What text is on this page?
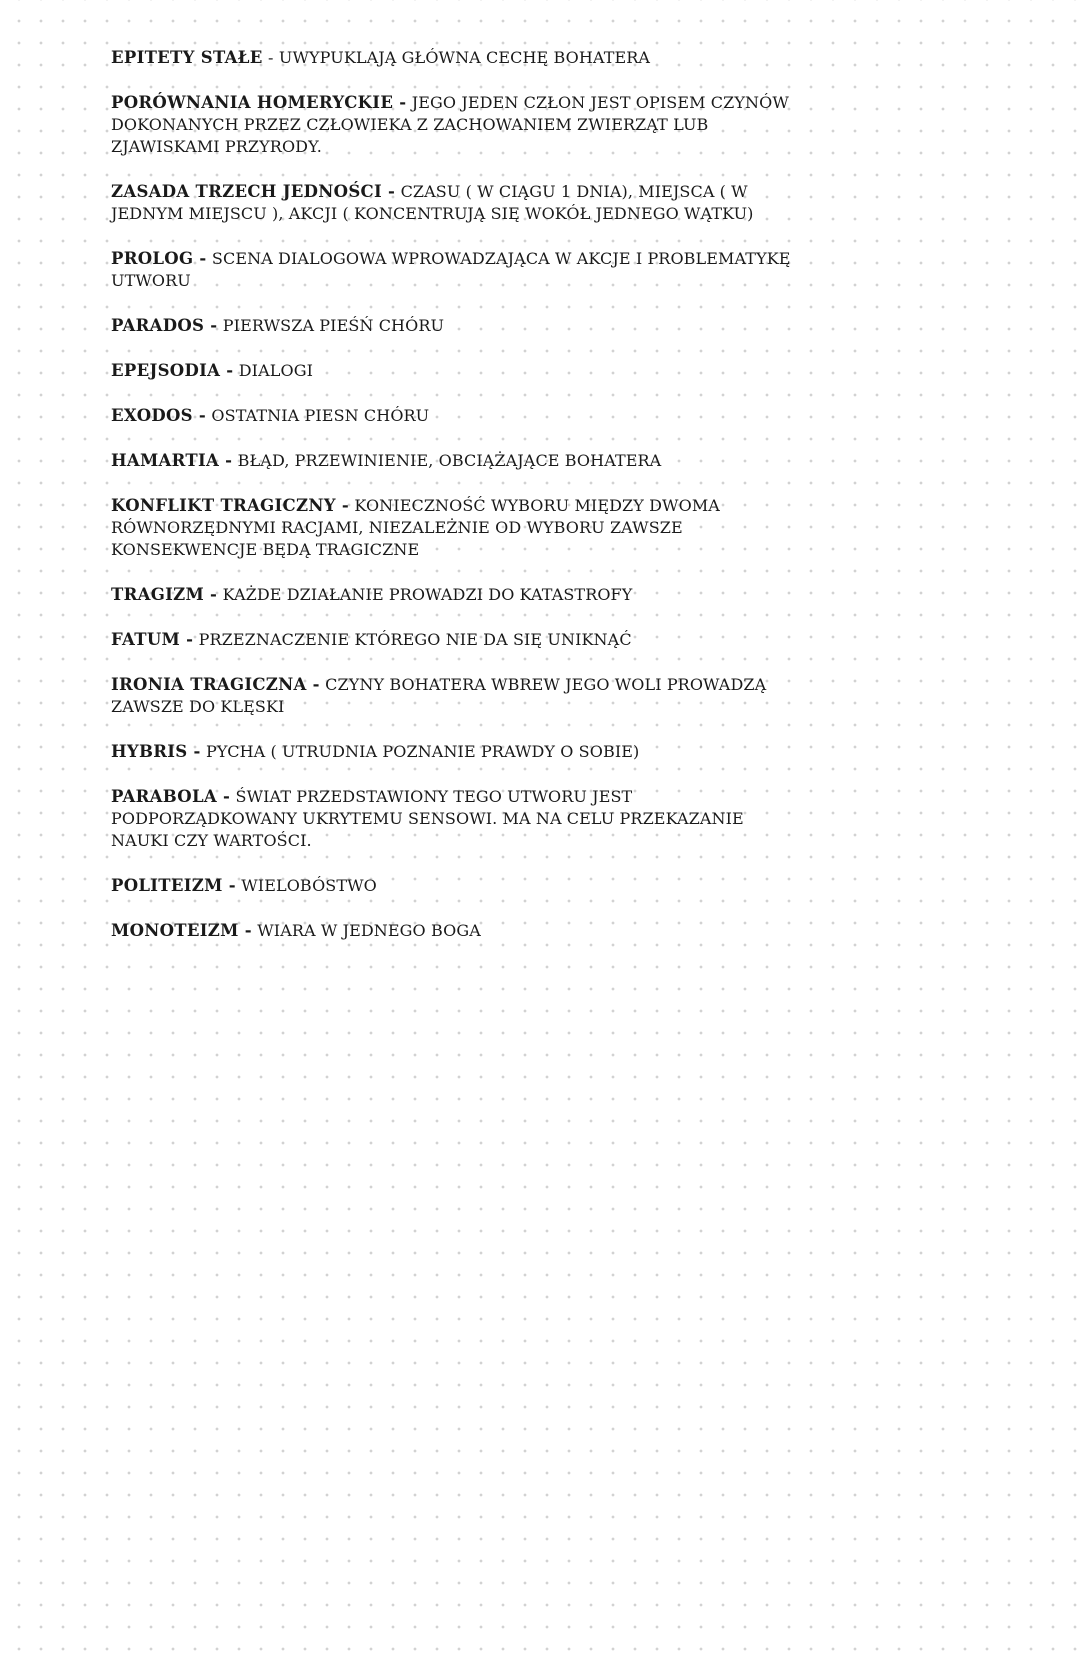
EPITETY STAŁE - UWYPUKLAJĄ GŁÓWNA CECHĘ BOHATERA
PORÓWNANIA HOMERYCKIE - JEGO JEDEN CZŁON JEST OPISEM CZYNÓW DOKONANYCH PRZEZ CZŁOWIEKA Z ZACHOWANIEM ZWIERZĄT LUB ZJAWISKAMI PRZYRODY.
ZASADA TRZECH JEDNOŚCI - CZASU ( W CIĄGU 1 DNIA), MIEJSCA ( W JEDNYM MIEJSCU ), AKCJI ( KONCENTRUJĄ SIĘ WOKÓŁ JEDNEGO WĄTKU)
PROLOG - SCENA DIALOGOWA WPROWADZAJĄCA W AKCJE I PROBLEMATYKĘ UTWORU
PARADOS - PIERWSZA PIEŚŃ CHÓRU
EPEJSODIA - DIALOGI
EXODOS - OSTATNIA PIESN CHÓRU
HAMARTIA - BŁĄD, PRZEWINIENIE, OBCIĄŻAJĄCE BOHATERA
KONFLIKT TRAGICZNY - KONIECZNOŚĆ WYBORU MIĘDZY DWOMA RÓWNORZĘDNYMI RACJAMI, NIEZALEŻNIE OD WYBORU ZAWSZE KONSEKWENCJE BĘDĄ TRAGICZNE
TRAGIZM - KAŻDE DZIAŁANIE PROWADZI DO KATASTROFY
FATUM - PRZEZNACZENIE KTÓREGO NIE DA SIĘ UNIKNĄĆ
IRONIA TRAGICZNA - CZYNY BOHATERA WBREW JEGO WOLI PROWADZĄ ZAWSZE DO KLĘSKI
HYBRIS - PYCHA ( UTRUDNIA POZNANIE PRAWDY O SOBIE)
PARABOLA - ŚWIAT PRZEDSTAWIONY TEGO UTWORU JEST PODPORZĄDKOWANY UKRYTEMU SENSOWI. MA NA CELU PRZEKAZANIE NAUKI CZY WARTOŚCI.
POLITEIZM - WIELOBÓSTWO
MONOTEIZM - WIARA W JEDNEGO BOGA
